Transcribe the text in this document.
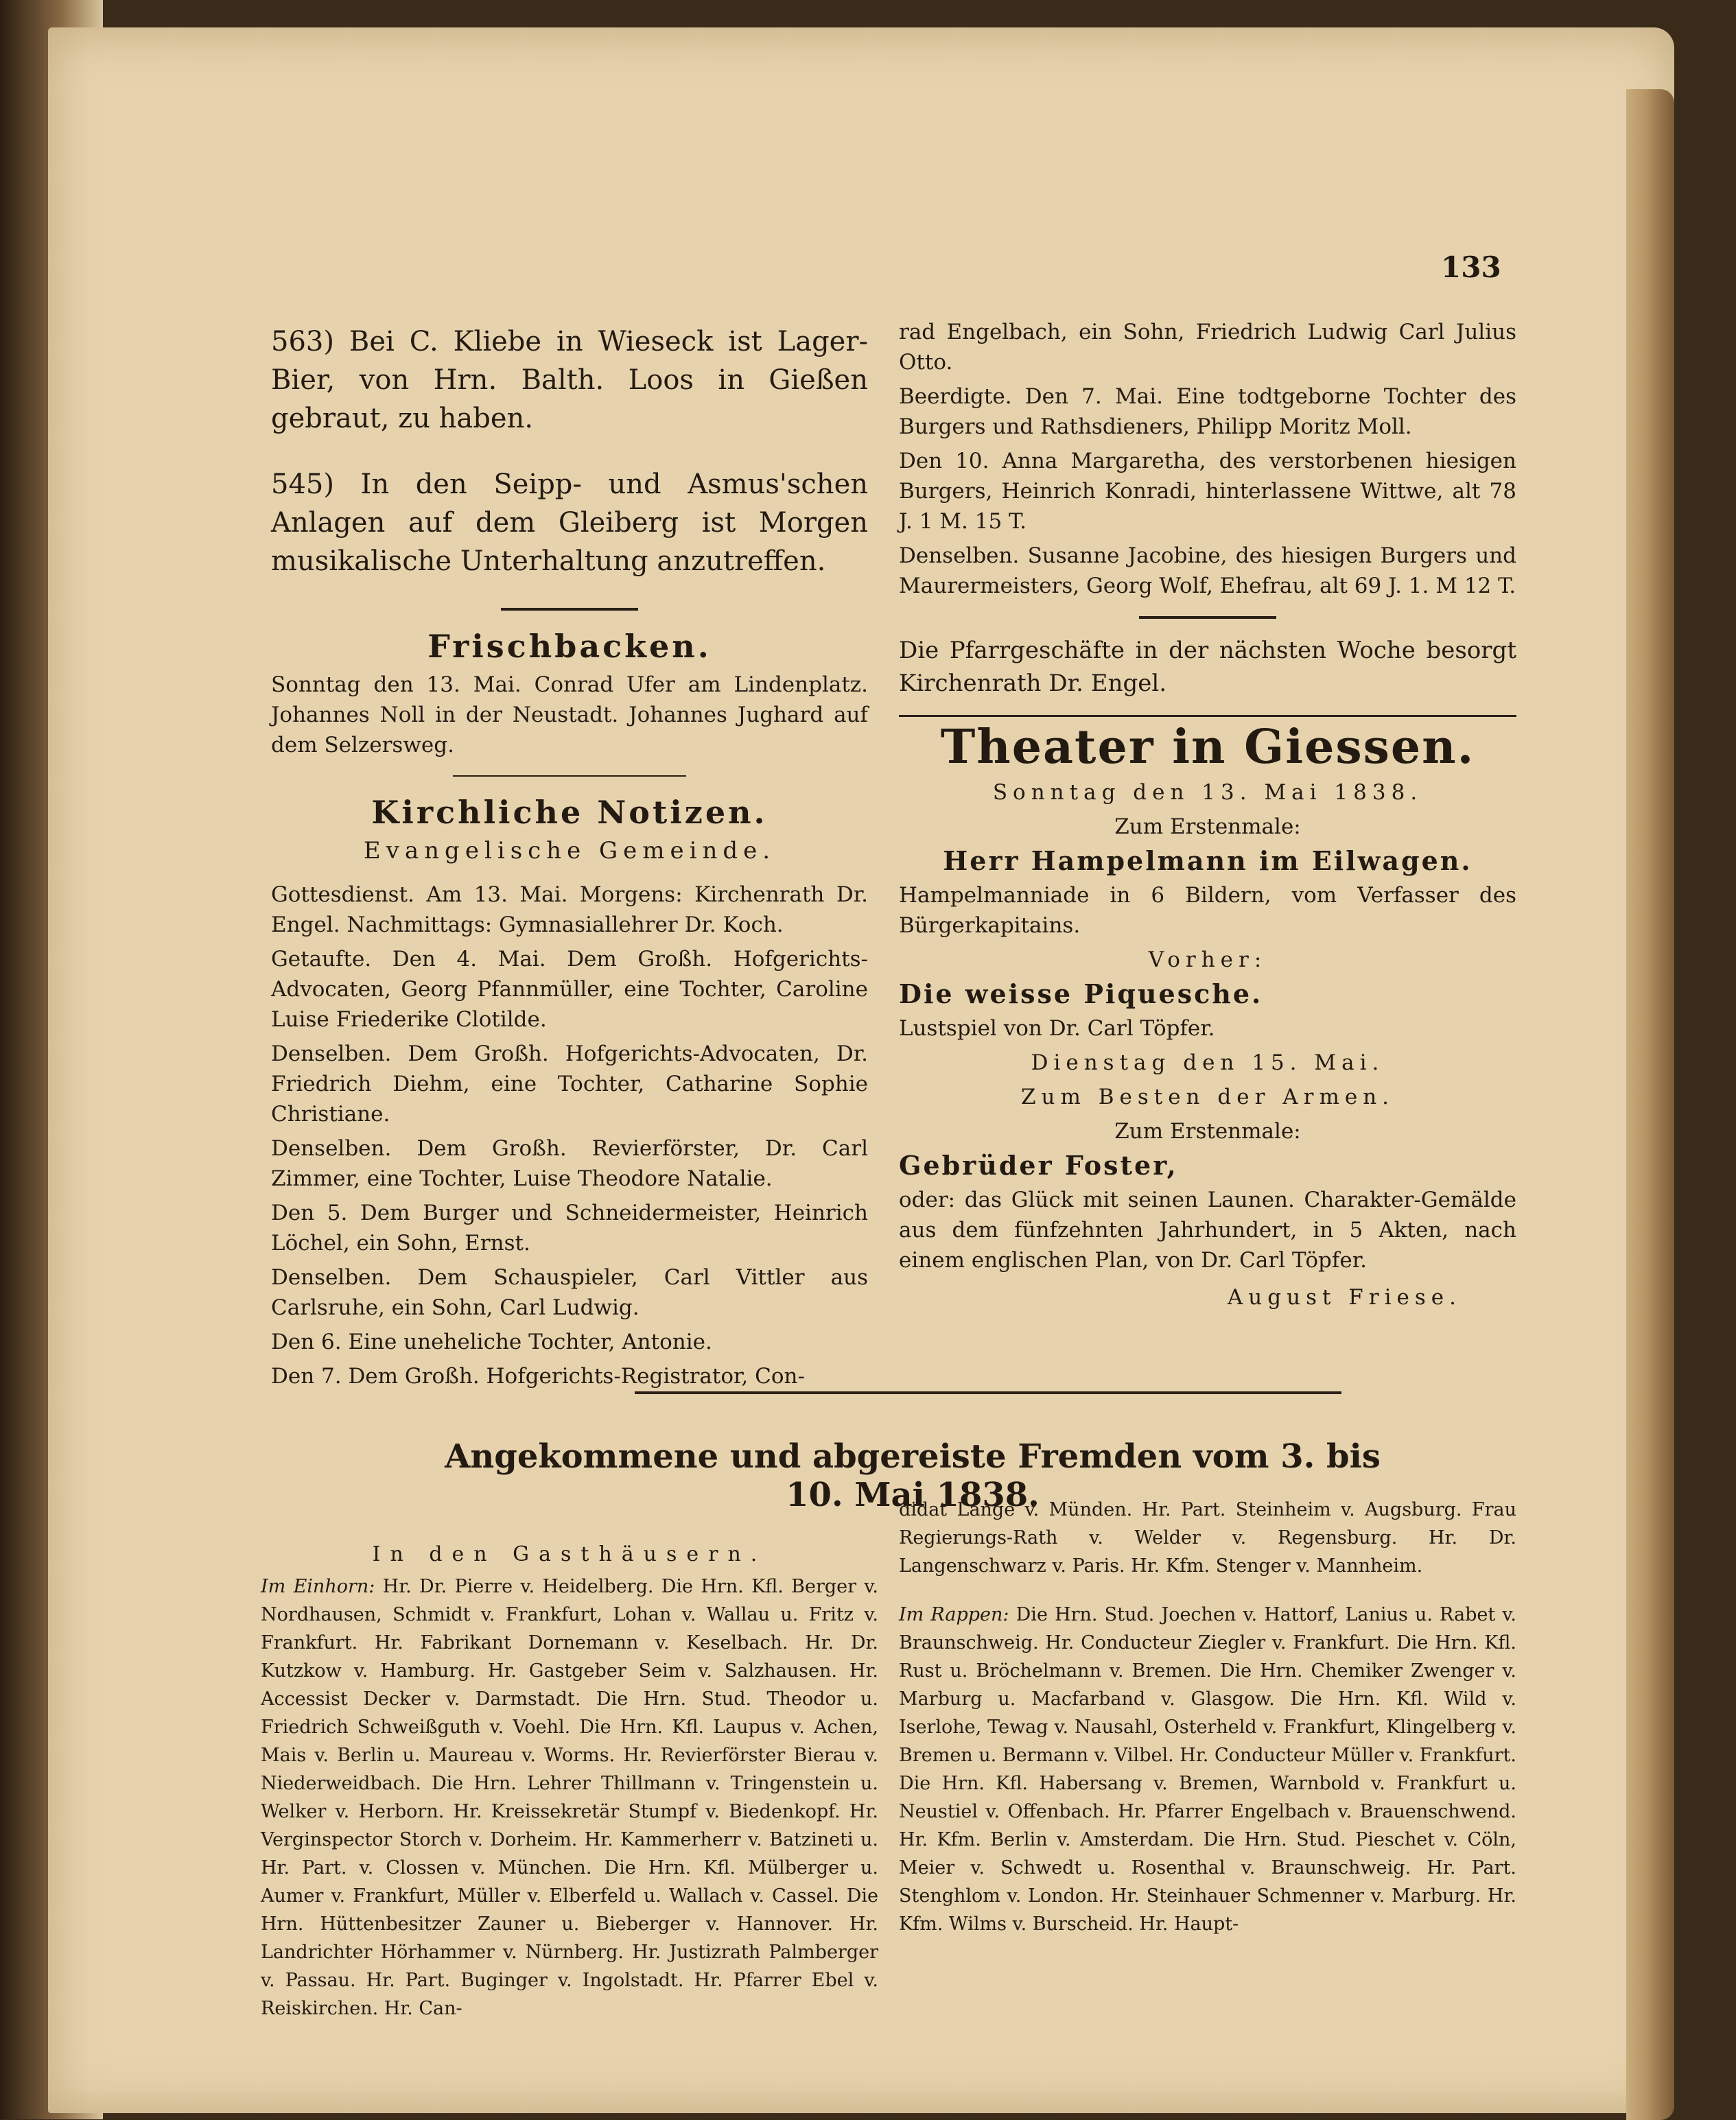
133

563) Bei C. Kliebe in Wieseck ist Lager-Bier, von Hrn. Balth. Loos in Gießen gebraut, zu haben.

545) In den Seipp- und Asmus'schen Anlagen auf dem Gleiberg ist Morgen musikalische Unterhaltung anzutreffen.

Frischbacken.

Sonntag den 13. Mai. Conrad Ufer am Lindenplatz. Johannes Noll in der Neustadt. Johannes Jughard auf dem Selzersweg.

Kirchliche Notizen.
Evangelische Gemeinde.

Gottesdienst. Am 13. Mai. Morgens: Kirchenrath Dr. Engel. Nachmittags: Gymnasiallehrer Dr. Koch.

Getaufte. Den 4. Mai. Dem Großh. Hofgerichts-Advocaten, Georg Pfannmüller, eine Tochter, Caroline Luise Friederike Clotilde.

Denselben. Dem Großh. Hofgerichts-Advocaten, Dr. Friedrich Diehm, eine Tochter, Catharine Sophie Christiane.

Denselben. Dem Großh. Revierförster, Dr. Carl Zimmer, eine Tochter, Luise Theodore Natalie.

Den 5. Dem Burger und Schneidermeister, Heinrich Löchel, ein Sohn, Ernst.

Denselben. Dem Schauspieler, Carl Vittler aus Carlsruhe, ein Sohn, Carl Ludwig.

Den 6. Eine uneheliche Tochter, Antonie.

Den 7. Dem Großh. Hofgerichts-Registrator, Con-

rad Engelbach, ein Sohn, Friedrich Ludwig Carl Julius Otto.

Beerdigte. Den 7. Mai. Eine todtgeborne Tochter des Burgers und Rathsdieners, Philipp Moritz Moll.

Den 10. Anna Margaretha, des verstorbenen hiesigen Burgers, Heinrich Konradi, hinterlassene Wittwe, alt 78 J. 1 M. 15 T.

Denselben. Susanne Jacobine, des hiesigen Burgers und Maurermeisters, Georg Wolf, Ehefrau, alt 69 J. 1. M 12 T.

Die Pfarrgeschäfte in der nächsten Woche besorgt Kirchenrath Dr. Engel.

Theater in Giessen.

Sonntag den 13. Mai 1838.

Zum Erstenmale:

Herr Hampelmann im Eilwagen.

Hampelmanniade in 6 Bildern, vom Verfasser des Bürgerkapitains.

Vorher:

Die weisse Piquesche.

Lustspiel von Dr. Carl Töpfer.

Dienstag den 15. Mai.

Zum Besten der Armen.

Zum Erstenmale:

Gebrüder Foster,

oder: das Glück mit seinen Launen. Charakter-Gemälde aus dem fünfzehnten Jahrhundert, in 5 Akten, nach einem englischen Plan, von Dr. Carl Töpfer.

August Friese.

Angekommene und abgereiste Fremden vom 3. bis 10. Mai 1838.

In den Gasthäusern.

Im Einhorn: Hr. Dr. Pierre v. Heidelberg. Die Hrn. Kfl. Berger v. Nordhausen, Schmidt v. Frankfurt, Lohan v. Wallau u. Fritz v. Frankfurt. Hr. Fabrikant Dornemann v. Keselbach. Hr. Dr. Kutzkow v. Hamburg. Hr. Gastgeber Seim v. Salzhausen. Hr. Accessist Decker v. Darmstadt. Die Hrn. Stud. Theodor u. Friedrich Schweißguth v. Voehl. Die Hrn. Kfl. Laupus v. Achen, Mais v. Berlin u. Maureau v. Worms. Hr. Revierförster Bierau v. Niederweidbach. Die Hrn. Lehrer Thillmann v. Tringenstein u. Welker v. Herborn. Hr. Kreissekretär Stumpf v. Biedenkopf. Hr. Verginspector Storch v. Dorheim. Hr. Kammerherr v. Batzineti u. Hr. Part. v. Clossen v. München. Die Hrn. Kfl. Mülberger u. Aumer v. Frankfurt, Müller v. Elberfeld u. Wallach v. Cassel. Die Hrn. Hüttenbesitzer Zauner u. Bieberger v. Hannover. Hr. Landrichter Hörhammer v. Nürnberg. Hr. Justizrath Palmberger v. Passau. Hr. Part. Buginger v. Ingolstadt. Hr. Pfarrer Ebel v. Reiskirchen. Hr. Can-

didat Lange v. Münden. Hr. Part. Steinheim v. Augsburg. Frau Regierungs-Rath v. Welder v. Regensburg. Hr. Dr. Langenschwarz v. Paris. Hr. Kfm. Stenger v. Mannheim.

Im Rappen: Die Hrn. Stud. Joechen v. Hattorf, Lanius u. Rabet v. Braunschweig. Hr. Conducteur Ziegler v. Frankfurt. Die Hrn. Kfl. Rust u. Bröchelmann v. Bremen. Die Hrn. Chemiker Zwenger v. Marburg u. Macfarband v. Glasgow. Die Hrn. Kfl. Wild v. Iserlohe, Tewag v. Nausahl, Osterheld v. Frankfurt, Klingelberg v. Bremen u. Bermann v. Vilbel. Hr. Conducteur Müller v. Frankfurt. Die Hrn. Kfl. Habersang v. Bremen, Warnbold v. Frankfurt u. Neustiel v. Offenbach. Hr. Pfarrer Engelbach v. Brauenschwend. Hr. Kfm. Berlin v. Amsterdam. Die Hrn. Stud. Pieschet v. Cöln, Meier v. Schwedt u. Rosenthal v. Braunschweig. Hr. Part. Stenghlom v. London. Hr. Steinhauer Schmenner v. Marburg. Hr. Kfm. Wilms v. Burscheid. Hr. Haupt-
